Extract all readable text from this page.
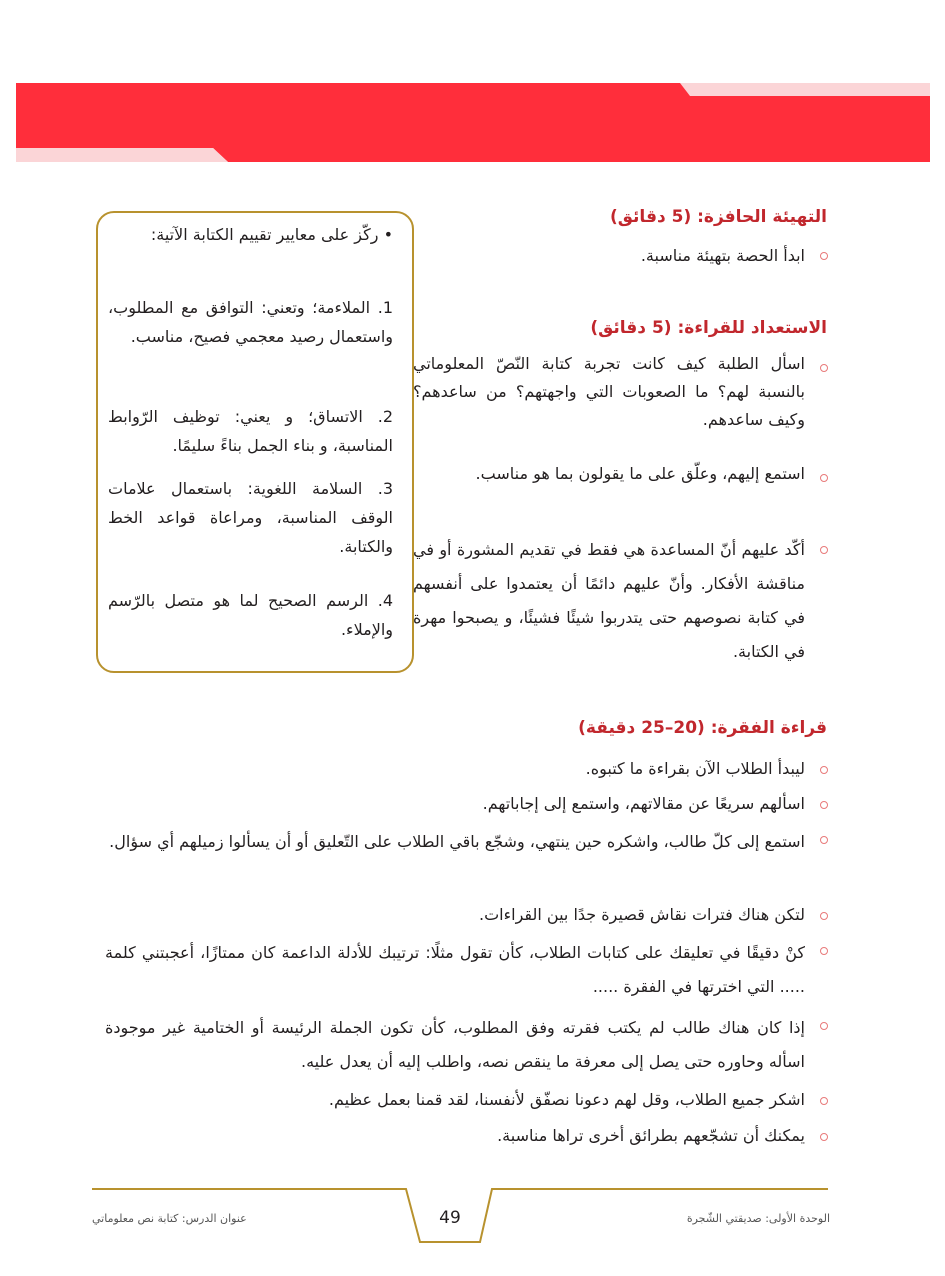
التهيئة الحافزة: (5 دقائق)
ابدأ الحصة بتهيئة مناسبة.
الاستعداد للقراءة: (5 دقائق)
اسأل الطلبة كيف كانت تجربة كتابة النّصّ المعلوماتي بالنسبة لهم؟ ما الصعوبات التي واجهتهم؟ من ساعدهم؟ وكيف ساعدهم.
استمع إليهم، وعلّق على ما يقولون بما هو مناسب.
أكّد عليهم أنّ المساعدة هي فقط في تقديم المشورة أو في مناقشة الأفكار. وأنّ عليهم دائمًا أن يعتمدوا على أنفسهم في كتابة نصوصهم حتى يتدربوا شيئًا فشيئًا، و يصبحوا مهرة في الكتابة.
• ركّز على معايير تقييم الكتابة الآتية:
1. الملاءمة؛ وتعني: التوافق مع المطلوب، واستعمال رصيد معجمي فصيح، مناسب.
2. الاتساق؛ و يعني: توظيف الرّوابط المناسبة، و بناء الجمل بناءً سليمًا.
3. السلامة اللغوية: باستعمال علامات الوقف المناسبة، ومراعاة قواعد الخط والكتابة.
4. الرسم الصحيح لما هو متصل بالرّسم والإملاء.
قراءة الفقرة: (20–25 دقيقة)
ليبدأ الطلاب الآن بقراءة ما كتبوه.
اسألهم سريعًا عن مقالاتهم، واستمع إلى إجاباتهم.
استمع إلى كلّ طالب، واشكره حين ينتهي، وشجّع باقي الطلاب على التّعليق أو أن يسألوا زميلهم أي سؤال.
لتكن هناك فترات نقاش قصيرة جدًا بين القراءات.
كنْ دقيقًا في تعليقك على كتابات الطلاب، كأن تقول مثلًا: ترتيبك للأدلة الداعمة كان ممتازًا، أعجبتني كلمة ..... التي اخترتها في الفقرة .....
إذا كان هناك طالب لم يكتب فقرته وفق المطلوب، كأن تكون الجملة الرئيسة أو الختامية غير موجودة اسأله وحاوره حتى يصل إلى معرفة ما ينقص نصه، واطلب إليه أن يعدل عليه.
اشكر جميع الطلاب، وقل لهم دعونا نصفّق لأنفسنا، لقد قمنا بعمل عظيم.
يمكنك أن تشجّعهم بطرائق أخرى تراها مناسبة.
49	الوحدة الأولى: صديقتي الشّجرة
عنوان الدرس: كتابة نص معلوماتي
